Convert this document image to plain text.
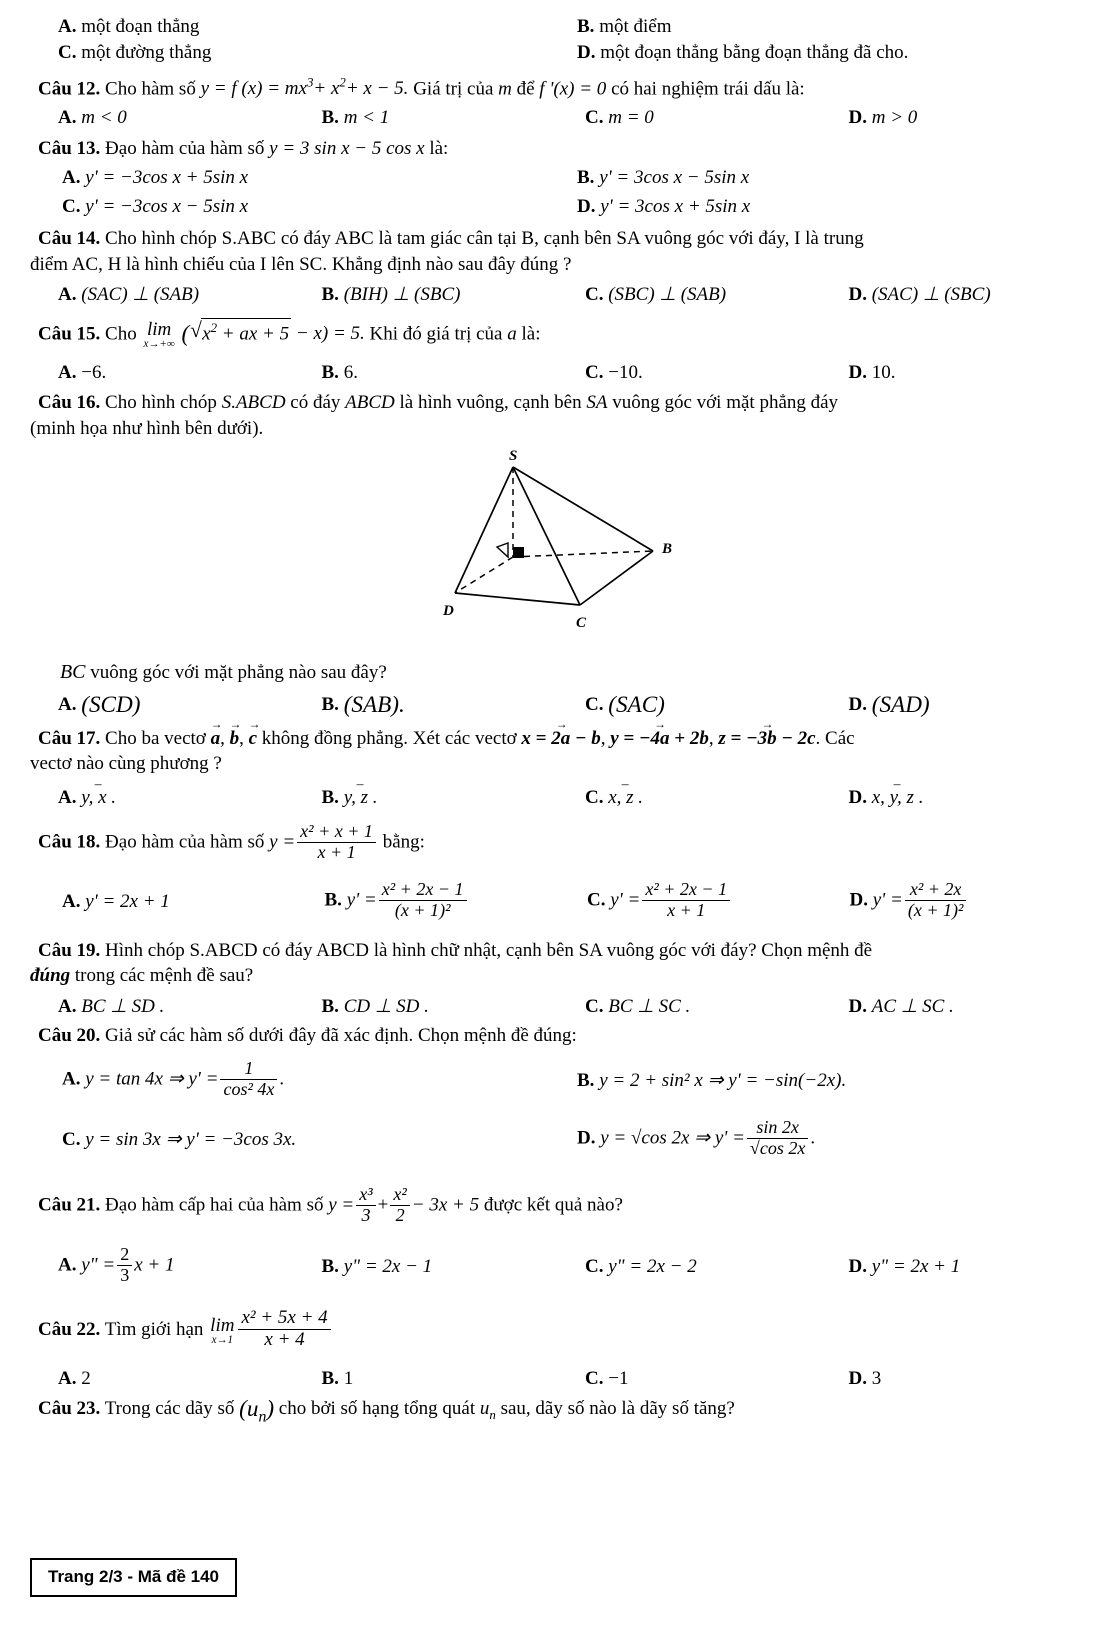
A. một đoạn thẳng	B. một điểm
C. một đường thẳng	D. một đoạn thẳng bằng đoạn thẳng đã cho.
Câu 12. Cho hàm số y = f $(x) = mx^3+ x^2+ x - 5$. Giá trị của m để f '(x) = 0 có hai nghiệm trái dấu là:
A. m < 0	B. m < 1	C. m = 0	D. m > 0
Câu 13. Đạo hàm của hàm số y = 3 sin x − 5 cos x là:
A. y' = −3cos x + 5sin x	B. y' = 3cos x − 5sin x
C. y' = −3cos x − 5sin x	D. y' = 3cos x + 5sin x
Câu 14. Cho hình chóp S.ABC có đáy ABC là tam giác cân tại B, cạnh bên SA vuông góc với đáy, I là trung
điểm AC, H là hình chiếu của I lên SC. Khẳng định nào sau đây đúng ?
A. (SAC) ⊥ (SAB)	B. (BIH) ⊥ (SBC)	C. (SBC) ⊥ (SAB)	D. (SAC) ⊥ (SBC)
Câu 15. Cho lim
x→+∞ ( √ $x^2$ + ax + 5 − x) = 5. Khi đó giá trị của a là:
A. −6.	B. 6.	C. −10.	D. 10.
Câu 16. Cho hình chóp S.ABCD có đáy ABCD là hình vuông, cạnh bên SA vuông góc với mặt phẳng đáy
(minh họa như hình bên dưới).
S
B
C
D
BC vuông góc với mặt phẳng nào sau đây?
A. (SCD)	B. (SAB).	C. (SAC)	D. (SAD)
Câu 17. Cho ba vectơ a →, b →, c → không đồng phẳng. Xét các vectơ x = 2a − b →, y = −4a + 2b →, z = −3b − 2c →. Các
vectơ nào cùng phương ?
A. y, x . ‒	B. y, z . ‒	C. x, z . ‒	D. x, y, z . ‒
Câu 18. Đạo hàm của hàm số $y = \frac{\text{x² + x + 1}}{x + 1}$ bằng:
A. y' = 2x + 1	B. $y' = \frac{\text{x² + 2x − 1}}{\text{(x + 1)²}}$	C. $y' = \frac{\text{x² + 2x − 1}}{x + 1}$	D. $y' = \frac{\text{x² + 2x}}{\text{(x + 1)²}}$
Câu 19. Hình chóp S.ABCD có đáy ABCD là hình chữ nhật, cạnh bên SA vuông góc với đáy? Chọn mệnh đề
đúng trong các mệnh đề sau?
A. BC ⊥ SD .	B. CD ⊥ SD .	C. BC ⊥ SC .	D. AC ⊥ SC .
Câu 20. Giả sử các hàm số dưới đây đã xác định. Chọn mệnh đề đúng:
A. y = tan 4x ⇒ $y' = \frac{1}{\text{cos² 4x}}$ .	B. y = 2 + sin² x ⇒ y' = −sin(−2x).
C. y = sin 3x ⇒ y' = −3cos 3x.	D. y = √cos 2x ⇒ $y' = \frac{\sin 2x}{√\cos 2x}$ .
Câu 21. Đạo hàm cấp hai của hàm số $y = \frac{\text{x³}}{3} + \frac{\text{x²}}{2} - 3x + 5$ được kết quả nào?
A. y" = $\frac{2}{3}$ x + 1	B. y" = 2x − 1	C. y" = 2x − 2	D. y" = 2x + 1
Câu 22. Tìm giới hạn lim
$x\to 1 \frac{\text{x² + 5x + 4}}{x + 4}$
A. 2	B. 1	C. −1	D. 3
Câu 23. Trong các dãy số $(u_n)$ cho bởi số hạng tổng quát $u_n$ sau, dãy số nào là dãy số tăng?
Trang 2/3 - Mã đề 140
